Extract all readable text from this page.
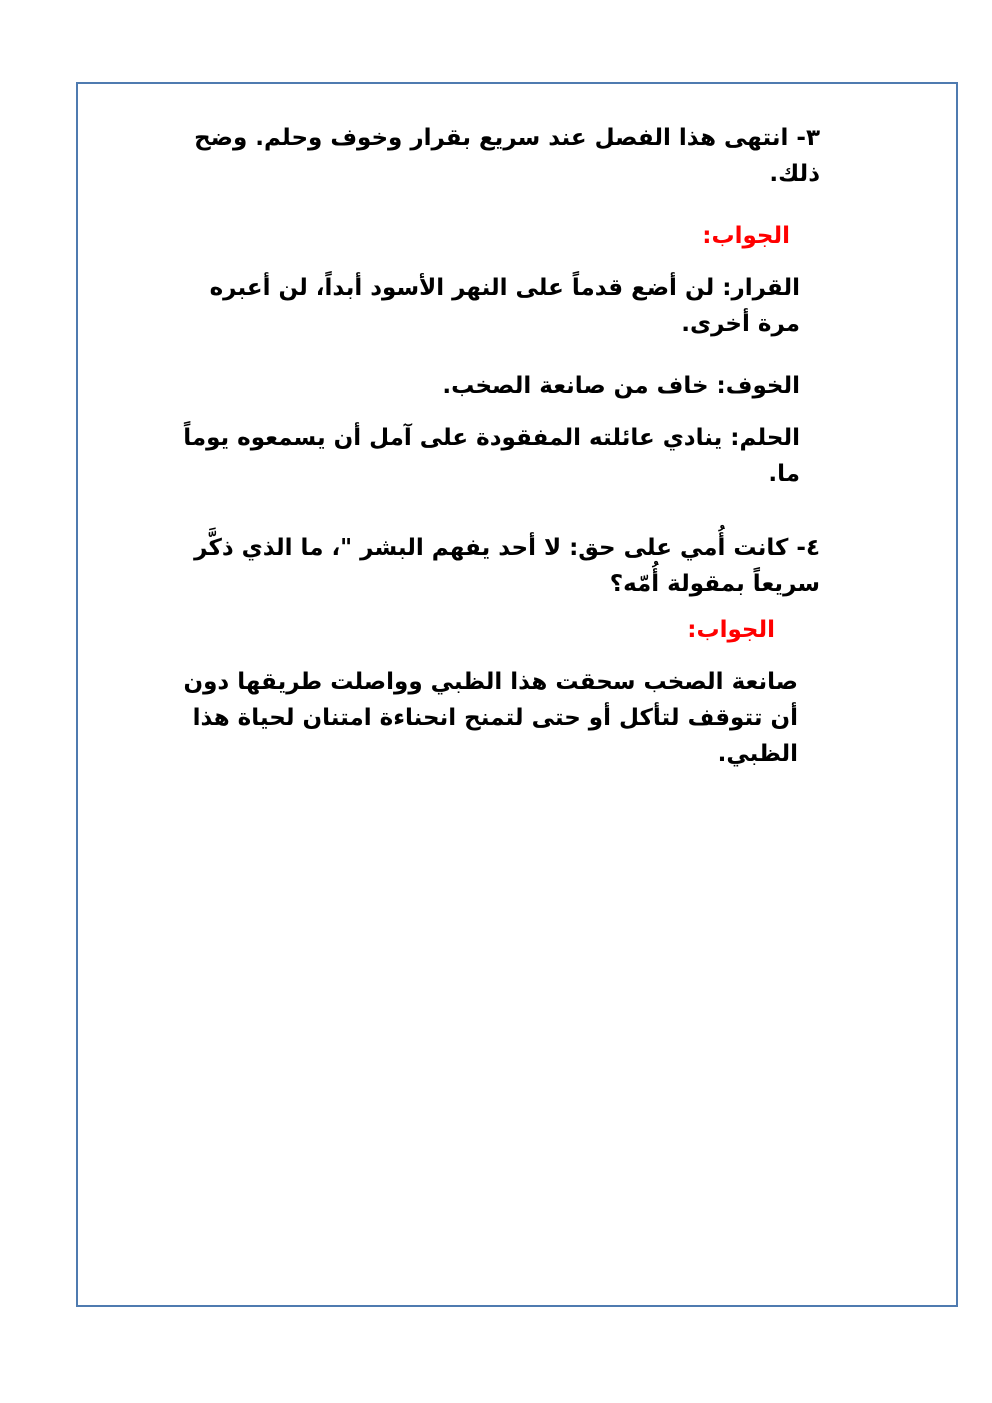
٣- انتهى هذا الفصل عند سريع بقرار وخوف وحلم. وضح ذلك.
الجواب:
القرار: لن أضع قدماً على النهر الأسود أبداً، لن أعبره مرة أخرى.
الخوف: خاف من صانعة الصخب.
الحلم: ينادي عائلته المفقودة على آمل أن يسمعوه يوماً ما.
٤- كانت أُمي على حق: لا أحد يفهم البشر "، ما الذي ذكَّر سريعاً بمقولة أُمّه؟
الجواب:
صانعة الصخب سحقت هذا الظبي وواصلت طريقها دون أن تتوقف لتأكل أو حتى لتمنح انحناءة امتنان لحياة هذا الظبي.
